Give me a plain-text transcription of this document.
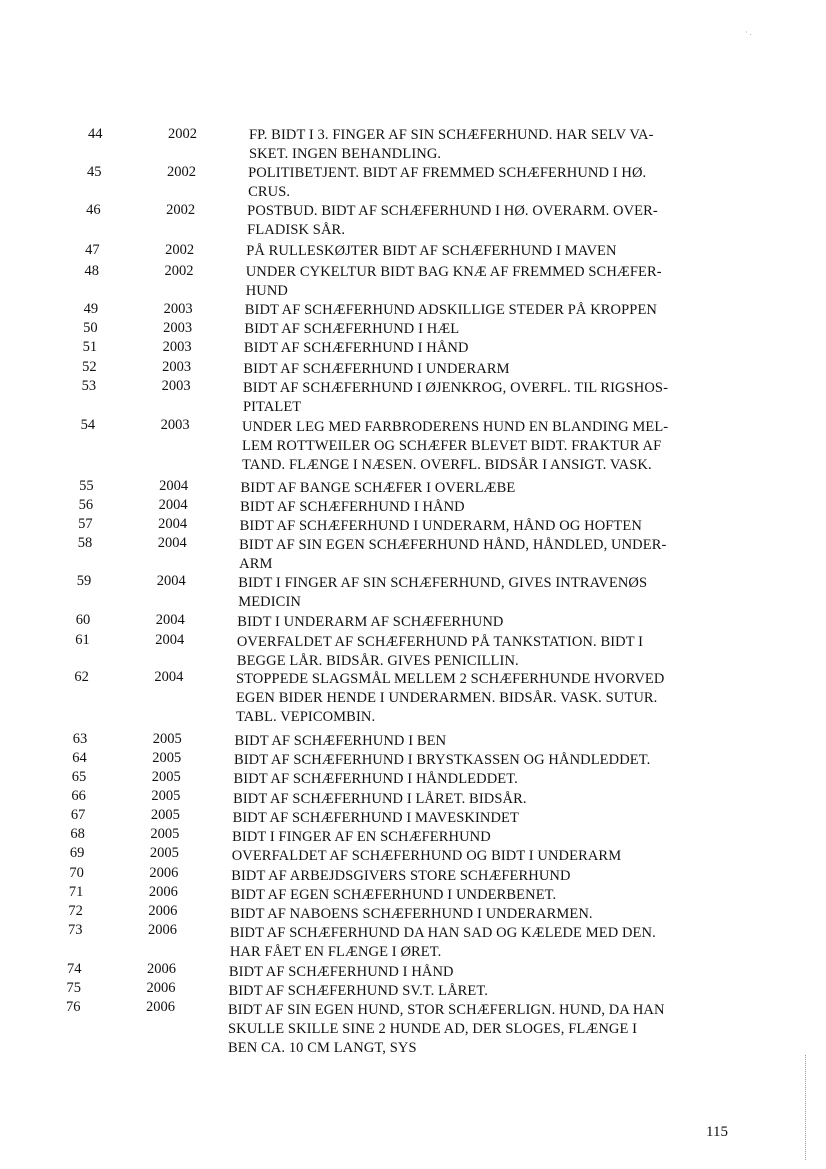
· .
44	2002	FP. BIDT I 3. FINGER AF SIN SCHÆFERHUND. HAR SELV VA-
SKET. INGEN BEHANDLING.
45	2002	POLITIBETJENT. BIDT AF FREMMED SCHÆFERHUND I HØ.
CRUS.
46	2002	POSTBUD. BIDT AF SCHÆFERHUND I HØ. OVERARM. OVER-
FLADISK SÅR.
47	2002	PÅ RULLESKØJTER BIDT AF SCHÆFERHUND I MAVEN
48	2002	UNDER CYKELTUR BIDT BAG KNÆ AF FREMMED SCHÆFER-
HUND
49	2003	BIDT AF SCHÆFERHUND ADSKILLIGE STEDER PÅ KROPPEN
50	2003	BIDT AF SCHÆFERHUND I HÆL
51	2003	BIDT AF SCHÆFERHUND I HÅND
52	2003	BIDT AF SCHÆFERHUND I UNDERARM
53	2003	BIDT AF SCHÆFERHUND I ØJENKROG, OVERFL. TIL RIGSHOS-
PITALET
54	2003	UNDER LEG MED FARBRODERENS HUND EN BLANDING MEL-
LEM ROTTWEILER OG SCHÆFER BLEVET BIDT. FRAKTUR AF
TAND. FLÆNGE I NÆSEN. OVERFL. BIDSÅR I ANSIGT. VASK.
55	2004	BIDT AF BANGE SCHÆFER I OVERLÆBE
56	2004	BIDT AF SCHÆFERHUND I HÅND
57	2004	BIDT AF SCHÆFERHUND I UNDERARM, HÅND OG HOFTEN
58	2004	BIDT AF SIN EGEN SCHÆFERHUND HÅND, HÅNDLED, UNDER-
ARM
59	2004	BIDT I FINGER AF SIN SCHÆFERHUND, GIVES INTRAVENØS
MEDICIN
60	2004	BIDT I UNDERARM AF SCHÆFERHUND
61	2004	OVERFALDET AF SCHÆFERHUND PÅ TANKSTATION. BIDT I
BEGGE LÅR. BIDSÅR. GIVES PENICILLIN.
62	2004	STOPPEDE SLAGSMÅL MELLEM 2 SCHÆFERHUNDE HVORVED
EGEN BIDER HENDE I UNDERARMEN. BIDSÅR. VASK. SUTUR.
TABL. VEPICOMBIN.
63	2005	BIDT AF SCHÆFERHUND I BEN
64	2005	BIDT AF SCHÆFERHUND I BRYSTKASSEN OG HÅNDLEDDET.
65	2005	BIDT AF SCHÆFERHUND I HÅNDLEDDET.
66	2005	BIDT AF SCHÆFERHUND I LÅRET. BIDSÅR.
67	2005	BIDT AF SCHÆFERHUND I MAVESKINDET
68	2005	BIDT I FINGER AF EN SCHÆFERHUND
69	2005	OVERFALDET AF SCHÆFERHUND OG BIDT I UNDERARM
70	2006	BIDT AF ARBEJDSGIVERS STORE SCHÆFERHUND
71	2006	BIDT AF EGEN SCHÆFERHUND I UNDERBENET.
72	2006	BIDT AF NABOENS SCHÆFERHUND I UNDERARMEN.
73	2006	BIDT AF SCHÆFERHUND DA HAN SAD OG KÆLEDE MED DEN.
HAR FÅET EN FLÆNGE I ØRET.
74	2006	BIDT AF SCHÆFERHUND I HÅND
75	2006	BIDT AF SCHÆFERHUND SV.T. LÅRET.
76	2006	BIDT AF SIN EGEN HUND, STOR SCHÆFERLIGN. HUND, DA HAN
SKULLE SKILLE SINE 2 HUNDE AD, DER SLOGES, FLÆNGE I
BEN CA. 10 CM LANGT, SYS
115
